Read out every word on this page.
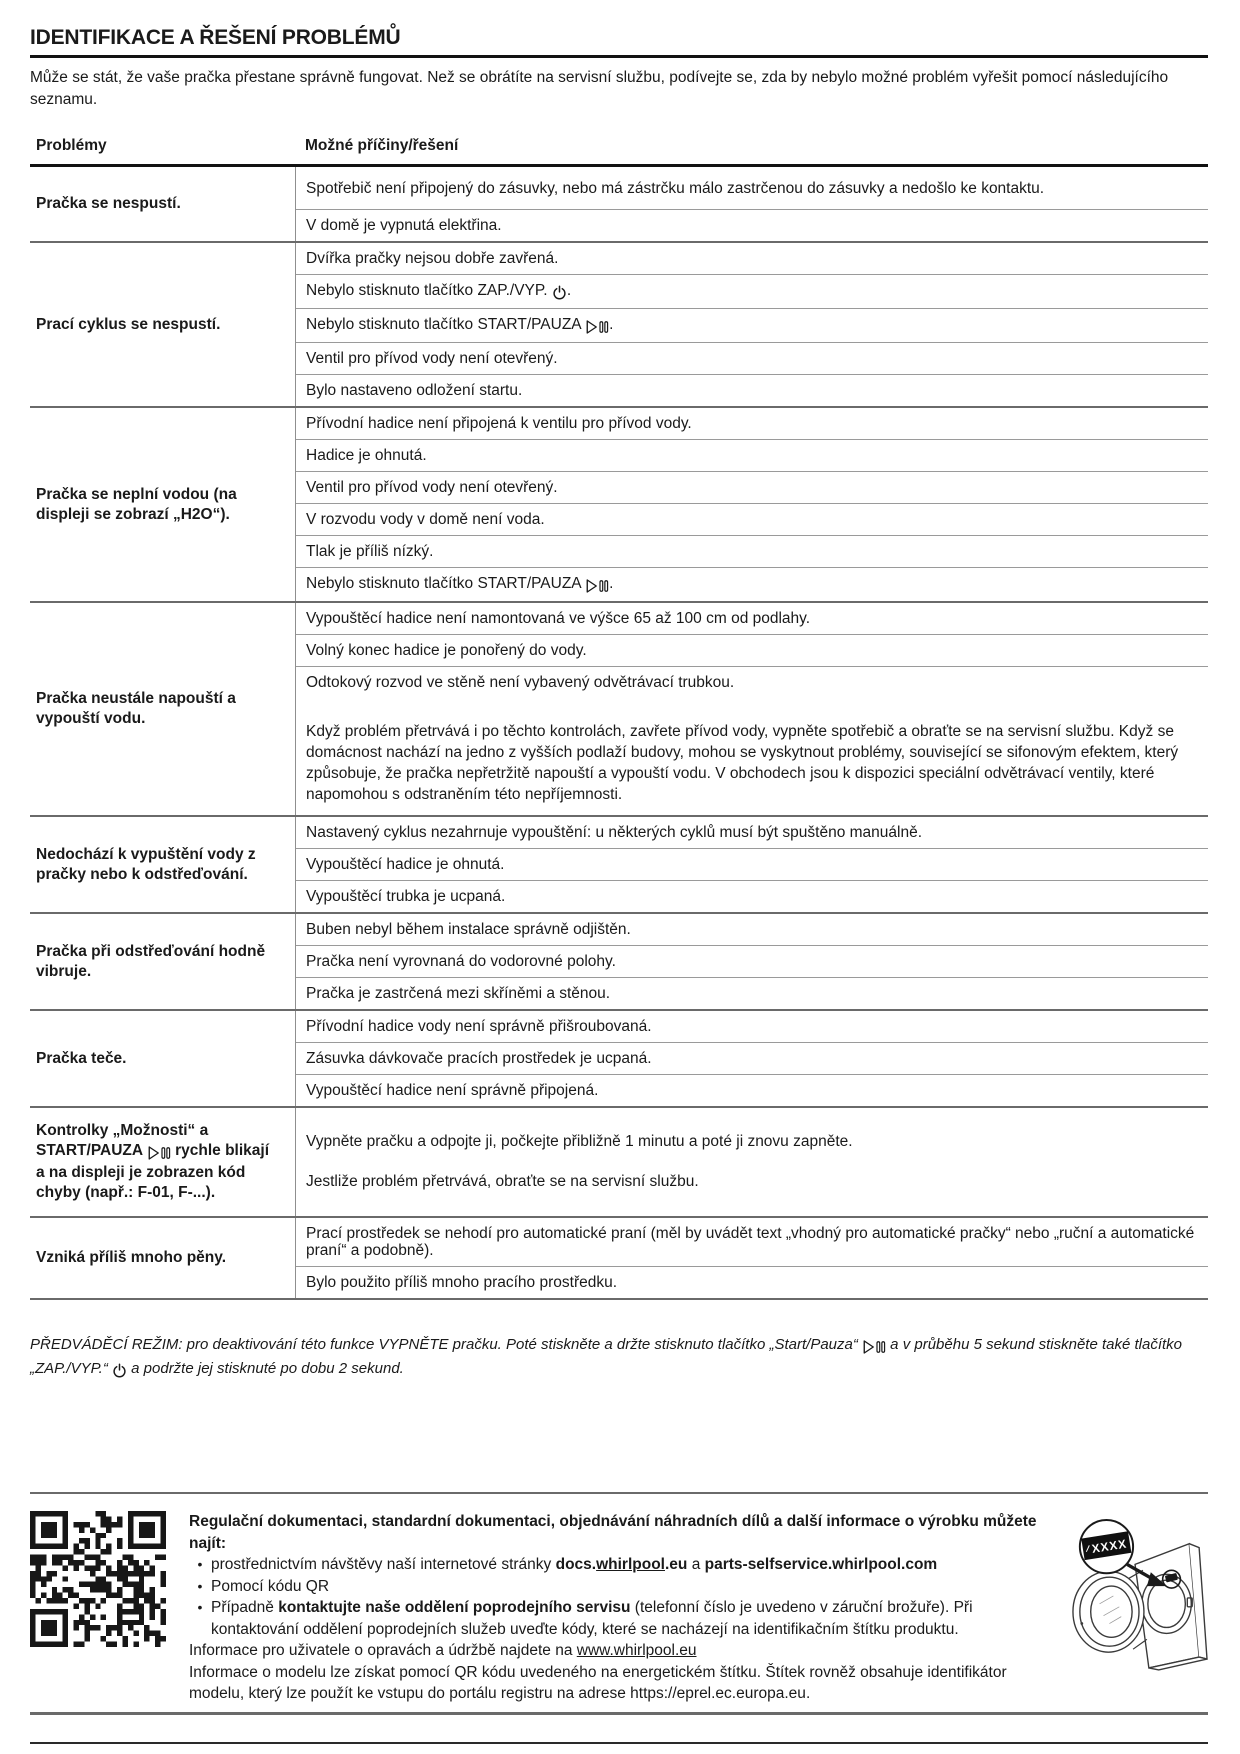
IDENTIFIKACE A ŘEŠENÍ PROBLÉMŮ
Může se stát, že vaše pračka přestane správně fungovat. Než se obrátíte na servisní službu, podívejte se, zda by nebylo možné problém vyřešit pomocí následujícího seznamu.
Problémy	Možné příčiny/řešení
Pračka se nespustí.
Spotřebič není připojený do zásuvky, nebo má zástrčku málo zastrčenou do zásuvky a nedošlo ke kontaktu.
V domě je vypnutá elektřina.
Prací cyklus se nespustí.
Dvířka pračky nejsou dobře zavřená.
Nebylo stisknuto tlačítko ZAP./VYP. .
Nebylo stisknuto tlačítko START/PAUZA .
Ventil pro přívod vody není otevřený.
Bylo nastaveno odložení startu.
Pračka se neplní vodou (na displeji se zobrazí „H2O“).
Přívodní hadice není připojená k ventilu pro přívod vody.
Hadice je ohnutá.
Ventil pro přívod vody není otevřený.
V rozvodu vody v domě není voda.
Tlak je příliš nízký.
Nebylo stisknuto tlačítko START/PAUZA .
Pračka neustále napouští a vypouští vodu.
Vypouštěcí hadice není namontovaná ve výšce 65 až 100 cm od podlahy.
Volný konec hadice je ponořený do vody.
Odtokový rozvod ve stěně není vybavený odvětrávací trubkou.
Když problém přetrvává i po těchto kontrolách, zavřete přívod vody, vypněte spotřebič a obraťte se na servisní službu. Když se domácnost nachází na jedno z vyšších podlaží budovy, mohou se vyskytnout problémy, související se sifonovým efektem, který způsobuje, že pračka nepřetržitě napouští a vypouští vodu. V obchodech jsou k dispozici speciální odvětrávací ventily, které napomohou s odstraněním této nepříjemnosti.
Nedochází k vypuštění vody z pračky nebo k odstřeďování.
Nastavený cyklus nezahrnuje vypouštění: u některých cyklů musí být spuštěno manuálně.
Vypouštěcí hadice je ohnutá.
Vypouštěcí trubka je ucpaná.
Pračka při odstřeďování hodně vibruje.
Buben nebyl během instalace správně odjištěn.
Pračka není vyrovnaná do vodorovné polohy.
Pračka je zastrčená mezi skříněmi a stěnou.
Pračka teče.
Přívodní hadice vody není správně přišroubovaná.
Zásuvka dávkovače pracích prostředek je ucpaná.
Vypouštěcí hadice není správně připojená.
Kontrolky „Možnosti“ a START/PAUZA  rychle blikají a na displeji je zobrazen kód chyby (např.: F-01, F-...).
Vypněte pračku a odpojte ji, počkejte přibližně 1 minutu a poté ji znovu zapněte.

Jestliže problém přetrvává, obraťte se na servisní službu.
Vzniká příliš mnoho pěny.
Prací prostředek se nehodí pro automatické praní (měl by uvádět text „vhodný pro automatické pračky“ nebo „ruční a automatické praní“ a podobně).
Bylo použito příliš mnoho pracího prostředku.
PŘEDVÁDĚCÍ REŽIM: pro deaktivování této funkce VYPNĚTE pračku. Poté stiskněte a držte stisknuto tlačítko „Start/Pauza“  a v průběhu 5 sekund stiskněte také tlačítko „ZAP./VYP.“  a podržte jej stisknuté po dobu 2 sekund.
Regulační dokumentaci, standardní dokumentaci, objednávání náhradních dílů a další informace o výrobku můžete najít:
• prostřednictvím návštěvy naší internetové stránky docs.whirlpool.eu a parts-selfservice.whirlpool.com
• Pomocí kódu QR
• Případně kontaktujte naše oddělení poprodejního servisu (telefonní číslo je uvedeno v záruční brožuře). Při kontaktování oddělení poprodejních služeb uveďte kódy, které se nacházejí na identifikačním štítku produktu.
Informace pro uživatele o opravách a údržbě najdete na www.whirlpool.eu
Informace o modelu lze získat pomocí QR kódu uvedeného na energetickém štítku. Štítek rovněž obsahuje identifikátor modelu, který lze použít ke vstupu do portálu registru na adrese https://eprel.ec.europa.eu.
XXXX
